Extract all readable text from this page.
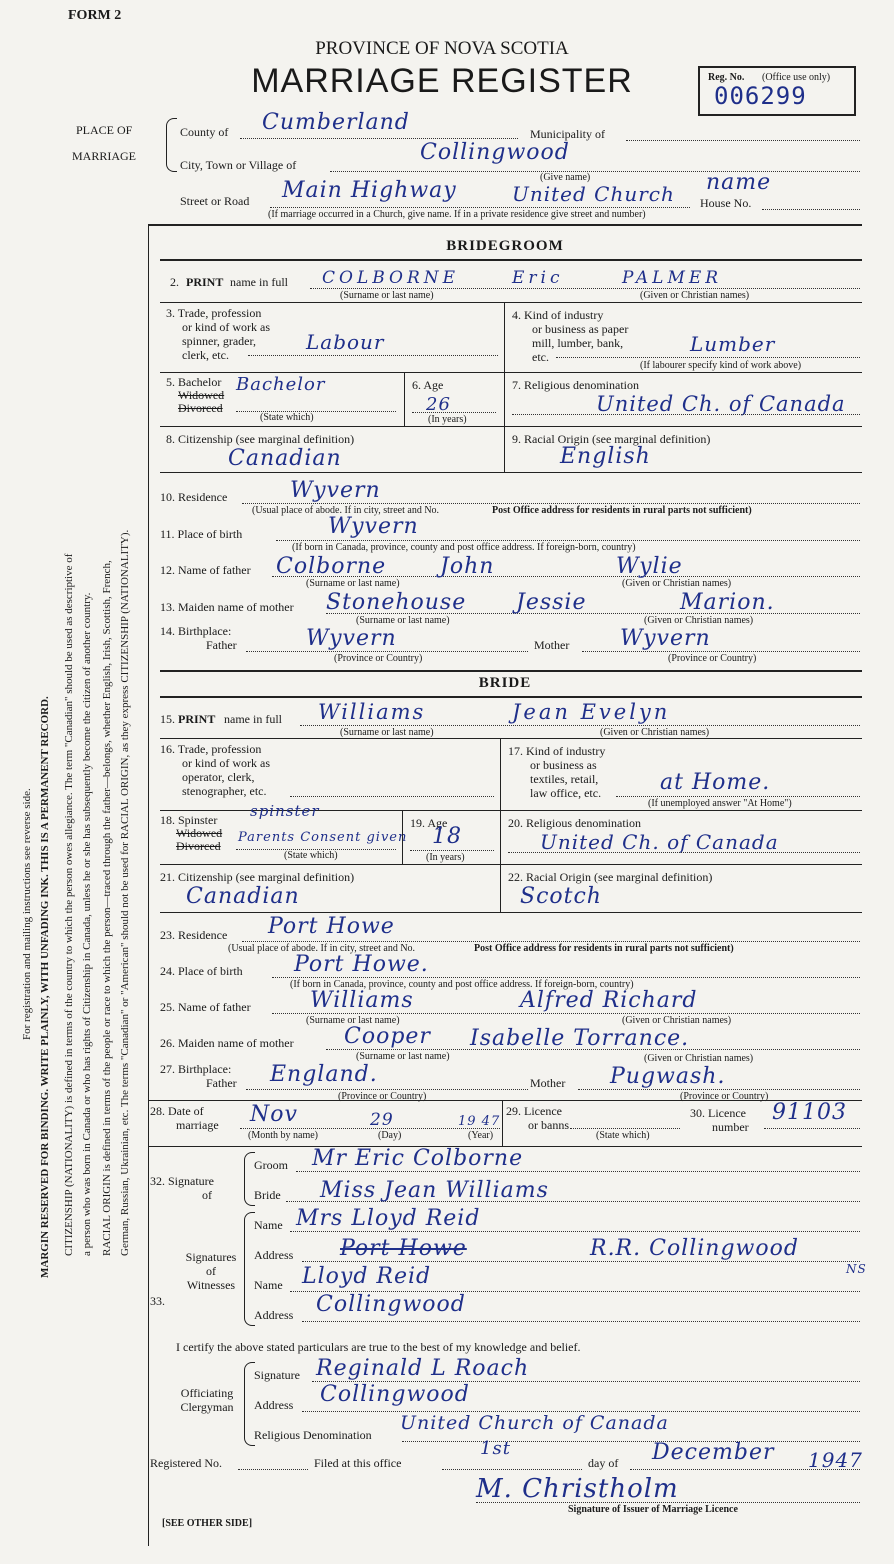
FORM 2
PROVINCE OF NOVA SCOTIA
MARRIAGE REGISTER	Reg. No. (Office use only)
006299
For registration and mailing instructions see reverse side. MARGIN RESERVED FOR BINDING. WRITE PLAINLY, WITH UNFADING INK. THIS IS A PERMANENT RECORD. CITIZENSHIP (NATIONALITY) is defined in terms of the country to which the person owes allegiance. The term "Canadian" should be used as descriptive of a person who was born in Canada or who has rights of Citizenship in Canada, unless he or she has subsequently become the citizen of another country. RACIAL ORIGIN is defined in terms of the people or race to which the person—traced through the father—belongs, whether English, Irish, Scottish, French, German, Russian, Ukrainian, etc. The terms "Canadian" or "American" should not be used for RACIAL ORIGIN, as they express CITIZENSHIP (NATIONALITY).
PLACE OF
MARRIAGE
County of Cumberland	Municipality of
City, Town or Village of	Collingwood
(Give name)
Street or Road Main Highway	United Church House No.
name
(If marriage occurred in a Church, give name. If in a private residence give street and number)
BRIDEGROOM
2. PRINT name in full COLBORNE	Eric	PALMER
(Surname or last name)	(Given or Christian names)
3. Trade, profession
or kind of work as
spinner, grader,
clerk, etc.
Labour
4. Kind of industry
or business as paper
mill, lumber, bank,
etc.
Lumber
(If labourer specify kind of work above)
5. Bachelor
Widowed
Divorced
Bachelor
(State which)
6. Age
26
(In years)
7. Religious denomination
United Ch. of Canada
8. Citizenship (see marginal definition)
Canadian
9. Racial Origin (see marginal definition)
English
10. Residence	Wyvern
(Usual place of abode. If in city, street and No.	Post Office address for residents in rural parts not sufficient)
11. Place of birth	Wyvern
(If born in Canada, province, county and post office address. If foreign-born, country)
12. Name of father Colborne John	Wylie
(Surname or last name)	(Given or Christian names)
13. Maiden name of mother Stonehouse Jessie	Marion.
(Surname or last name)	(Given or Christian names)
14. Birthplace:
Father	Wyvern
(Province or Country)
Mother Wyvern
(Province or Country)
BRIDE
15. PRINT name in full Williams	Jean Evelyn
(Surname or last name)	(Given or Christian names)
16. Trade, profession
or kind of work as
operator, clerk,
stenographer, etc.
17. Kind of industry
or business as
textiles, retail,
law office, etc.	at Home.
(If unemployed answer "At Home")
18. Spinster
Widowed
Divorced
spinster
Parents Consent given
(State which)
19. Age
18
(In years)
20. Religious denomination
United Ch. of Canada
21. Citizenship (see marginal definition)
Canadian
22. Racial Origin (see marginal definition)
Scotch
23. Residence Port Howe
(Usual place of abode. If in city, street and No.	Post Office address for residents in rural parts not sufficient)
24. Place of birth Port Howe.
(If born in Canada, province, county and post office address. If foreign-born, country)
25. Name of father	Williams	Alfred Richard
(Surname or last name)	(Given or Christian names)
26. Maiden name of mother Cooper Isabelle Torrance.
(Surname or last name)	(Given or Christian names)
27. Birthplace:
Father England.
(Province or Country)
Mother Pugwash.
(Province or Country)
28. Date of
marriage Nov	29	19 47
(Month by name)	(Day)	(Year)
29. Licence
or banns
(State which)
30. Licence
number
91103
32. Signature
of
Groom Mr Eric Colborne
Bride Miss Jean Williams
33.
Signatures
of
Witnesses
Name Mrs Lloyd Reid
Address Port Howe	R.R. Collingwood
NS
Name Lloyd Reid
Address Collingwood
I certify the above stated particulars are true to the best of my knowledge and belief.
Officiating
Clergyman
Signature Reginald L Roach
Address Collingwood
Religious Denomination
United Church of Canada
Registered No.	Filed at this office
1st
day of December 1947
M. Christholm
Signature of Issuer of Marriage Licence
[SEE OTHER SIDE]
